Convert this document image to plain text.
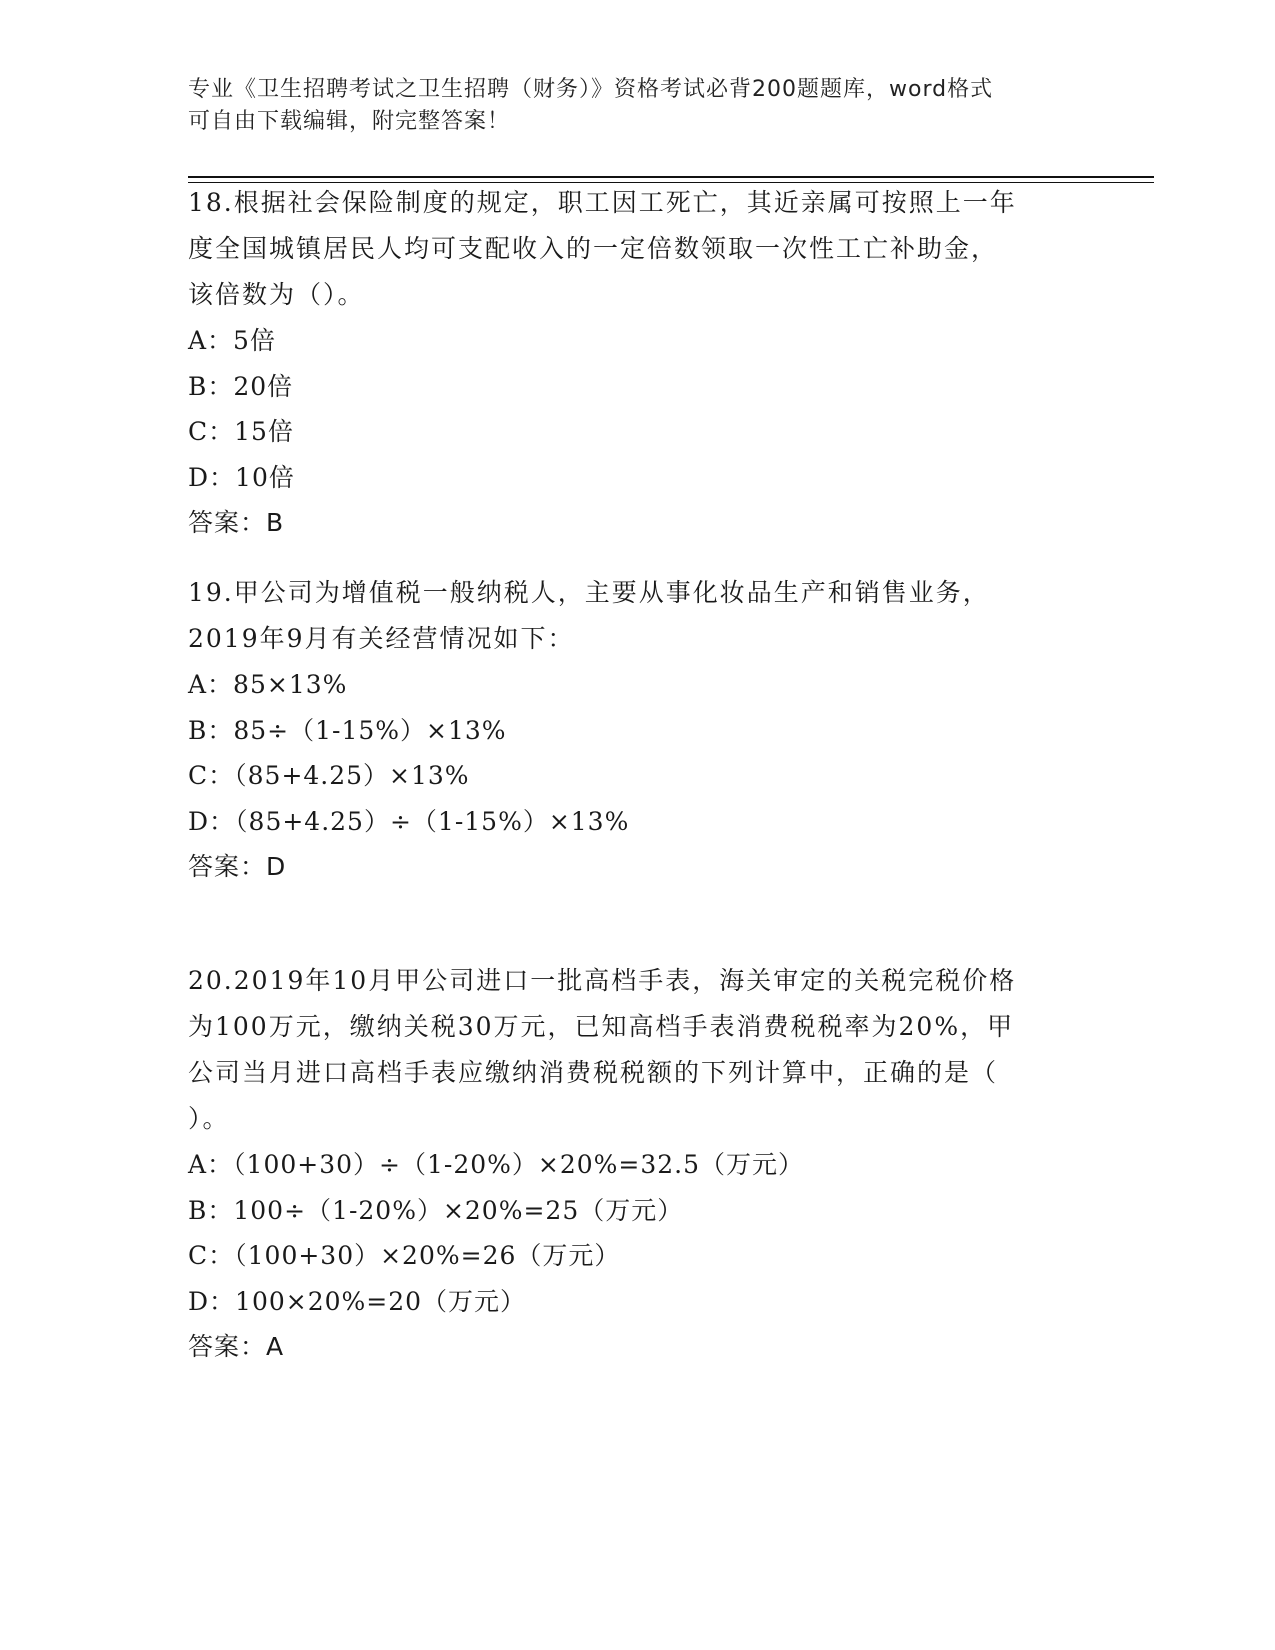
专业《卫生招聘考试之卫生招聘（财务）》资格考试必背200题题库，word格式
可自由下载编辑，附完整答案！

18.根据社会保险制度的规定，职工因工死亡，其近亲属可按照上一年

度全国城镇居民人均可支配收入的一定倍数领取一次性工亡补助金，

该倍数为（）。

A：5倍

B：20倍

C：15倍

D：10倍

答案：B

19.甲公司为增值税一般纳税人，主要从事化妆品生产和销售业务，

2019年9月有关经营情况如下：

A：85×13%

B：85÷（1-15%）×13%

C：（85+4.25）×13%

D：（85+4.25）÷（1-15%）×13%

答案：D

20.2019年10月甲公司进口一批高档手表，海关审定的关税完税价格

为100万元，缴纳关税30万元，已知高档手表消费税税率为20%，甲

公司当月进口高档手表应缴纳消费税税额的下列计算中，正确的是（

）。

A：（100+30）÷（1-20%）×20%=32.5（万元）

B：100÷（1-20%）×20%=25（万元）

C：（100+30）×20%=26（万元）

D：100×20%=20（万元）

答案：A
